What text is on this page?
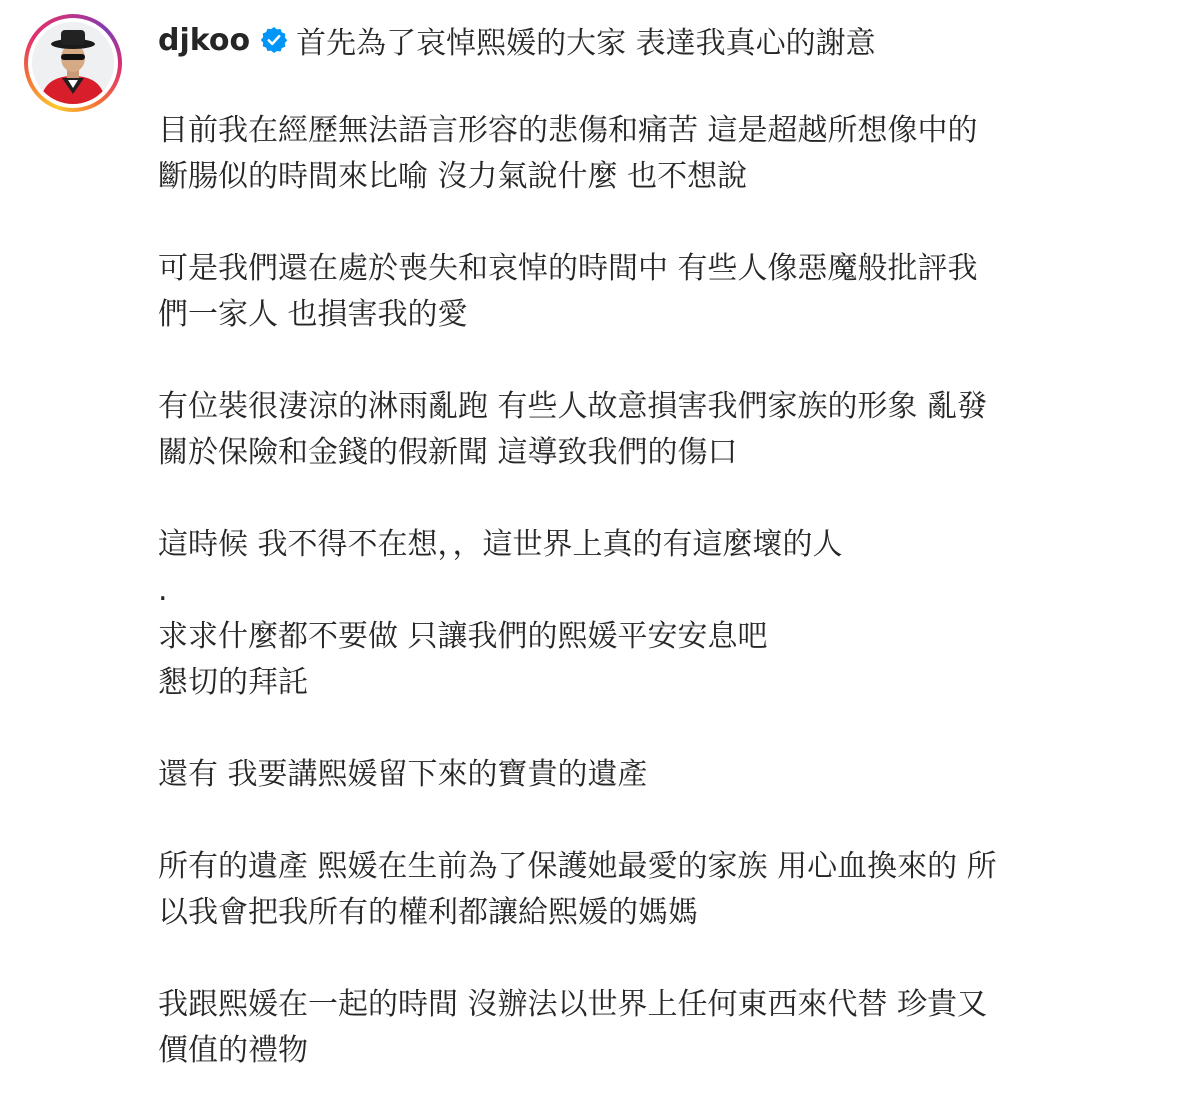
djkoo 首先為了哀悼熙媛的大家 表達我真心的謝意
目前我在經歷無法語言形容的悲傷和痛苦 這是超越所想像中的
斷腸似的時間來比喻 沒力氣說什麼 也不想說
可是我們還在處於喪失和哀悼的時間中 有些人像惡魔般批評我
們一家人 也損害我的愛
有位裝很淒涼的淋雨亂跑 有些人故意損害我們家族的形象 亂發
關於保險和金錢的假新聞 這導致我們的傷口
這時候 我不得不在想，，這世界上真的有這麼壞的人
.
求求什麼都不要做 只讓我們的熙媛平安安息吧
懇切的拜託
還有 我要講熙媛留下來的寶貴的遺產
所有的遺產 熙媛在生前為了保護她最愛的家族 用心血換來的 所
以我會把我所有的權利都讓給熙媛的媽媽
我跟熙媛在一起的時間 沒辦法以世界上任何東西來代替 珍貴又
價值的禮物
